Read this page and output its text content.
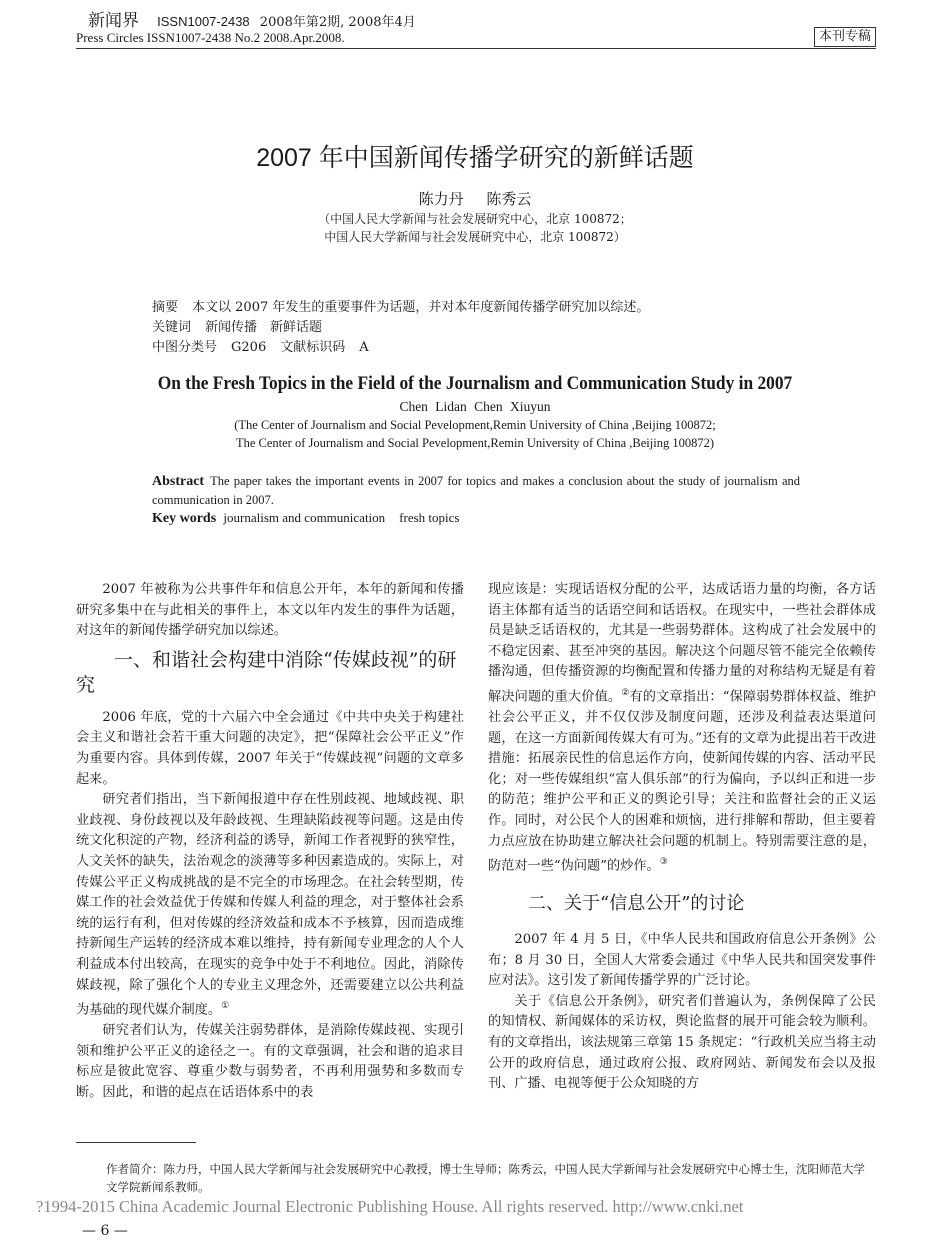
新闻界 ISSN1007-2438 2008年第2期, 2008年4月
Press Circles ISSN1007-2438 No.2 2008.Apr.2008.	本刊专稿
2007 年中国新闻传播学研究的新鲜话题
陈力丹 陈秀云
（中国人民大学新闻与社会发展研究中心，北京 100872；
中国人民大学新闻与社会发展研究中心，北京 100872）
摘要 本文以 2007 年发生的重要事件为话题，并对本年度新闻传播学研究加以综述。
关键词 新闻传播　新鲜话题
中图分类号 G206 文献标识码 A
On the Fresh Topics in the Field of the Journalism and Communication Study in 2007
Chen Lidan Chen Xiuyun
(The Center of Journalism and Social Pevelopment,Remin University of China ,Beijing 100872;
The Center of Journalism and Social Pevelopment,Remin University of China ,Beijing 100872)
Abstract The paper takes the important events in 2007 for topics and makes a conclusion about the study of journalism and communication in 2007.
Key words journalism and communication fresh topics

2007 年被称为公共事件年和信息公开年，本年的新闻和传播研究多集中在与此相关的事件上，本文以年内发生的事件为话题，对这年的新闻传播学研究加以综述。

一、和谐社会构建中消除“传媒歧视”的研究

2006 年底，党的十六届六中全会通过《中共中央关于构建社会主义和谐社会若干重大问题的决定》，把“保障社会公平正义”作为重要内容。具体到传媒，2007 年关于“传媒歧视”问题的文章多起来。

研究者们指出，当下新闻报道中存在性别歧视、地域歧视、职业歧视、身份歧视以及年龄歧视、生理缺陷歧视等问题。这是由传统文化积淀的产物，经济利益的诱导，新闻工作者视野的狭窄性，人文关怀的缺失，法治观念的淡薄等多种因素造成的。实际上，对传媒公平正义构成挑战的是不完全的市场理念。在社会转型期，传媒工作的社会效益优于传媒和传媒人利益的理念，对于整体社会系统的运行有利，但对传媒的经济效益和成本不予核算，因而造成维持新闻生产运转的经济成本难以维持，持有新闻专业理念的人个人利益成本付出较高，在现实的竞争中处于不利地位。因此，消除传媒歧视，除了强化个人的专业主义理念外，还需要建立以公共利益为基础的现代媒介制度。①

研究者们认为，传媒关注弱势群体，是消除传媒歧视、实现引领和维护公平正义的途径之一。有的文章强调，社会和谐的追求目标应是彼此宽容、尊重少数与弱势者，不再利用强势和多数而专断。因此，和谐的起点在话语体系中的表

现应该是：实现话语权分配的公平，达成话语力量的均衡，各方话语主体都有适当的话语空间和话语权。在现实中，一些社会群体成员是缺乏话语权的，尤其是一些弱势群体。这构成了社会发展中的不稳定因素、甚至冲突的基因。解决这个问题尽管不能完全依赖传播沟通，但传播资源的均衡配置和传播力量的对称结构无疑是有着解决问题的重大价值。②有的文章指出：“保障弱势群体权益、维护社会公平正义，并不仅仅涉及制度问题，还涉及利益表达渠道问题，在这一方面新闻传媒大有可为。”还有的文章为此提出若干改进措施：拓展亲民性的信息运作方向，使新闻传媒的内容、活动平民化；对一些传媒组织“富人俱乐部”的行为偏向，予以纠正和进一步的防范；维护公平和正义的舆论引导；关注和监督社会的正义运作。同时，对公民个人的困难和烦恼，进行排解和帮助，但主要着力点应放在协助建立解决社会问题的机制上。特别需要注意的是，防范对一些“伪问题”的炒作。③

二、关于“信息公开”的讨论

2007 年 4 月 5 日，《中华人民共和国政府信息公开条例》公布；8 月 30 日，全国人大常委会通过《中华人民共和国突发事件应对法》。这引发了新闻传播学界的广泛讨论。

关于《信息公开条例》，研究者们普遍认为，条例保障了公民的知情权、新闻媒体的采访权，舆论监督的展开可能会较为顺利。有的文章指出，该法规第三章第 15 条规定：“行政机关应当将主动公开的政府信息，通过政府公报、政府网站、新闻发布会以及报刊、广播、电视等便于公众知晓的方

作者简介：陈力丹，中国人民大学新闻与社会发展研究中心教授，博士生导师；陈秀云，中国人民大学新闻与社会发展研究中心博士生，沈阳师范大学文学院新闻系教师。
?1994-2015 China Academic Journal Electronic Publishing House. All rights reserved. http://www.cnki.net
— 6 —
